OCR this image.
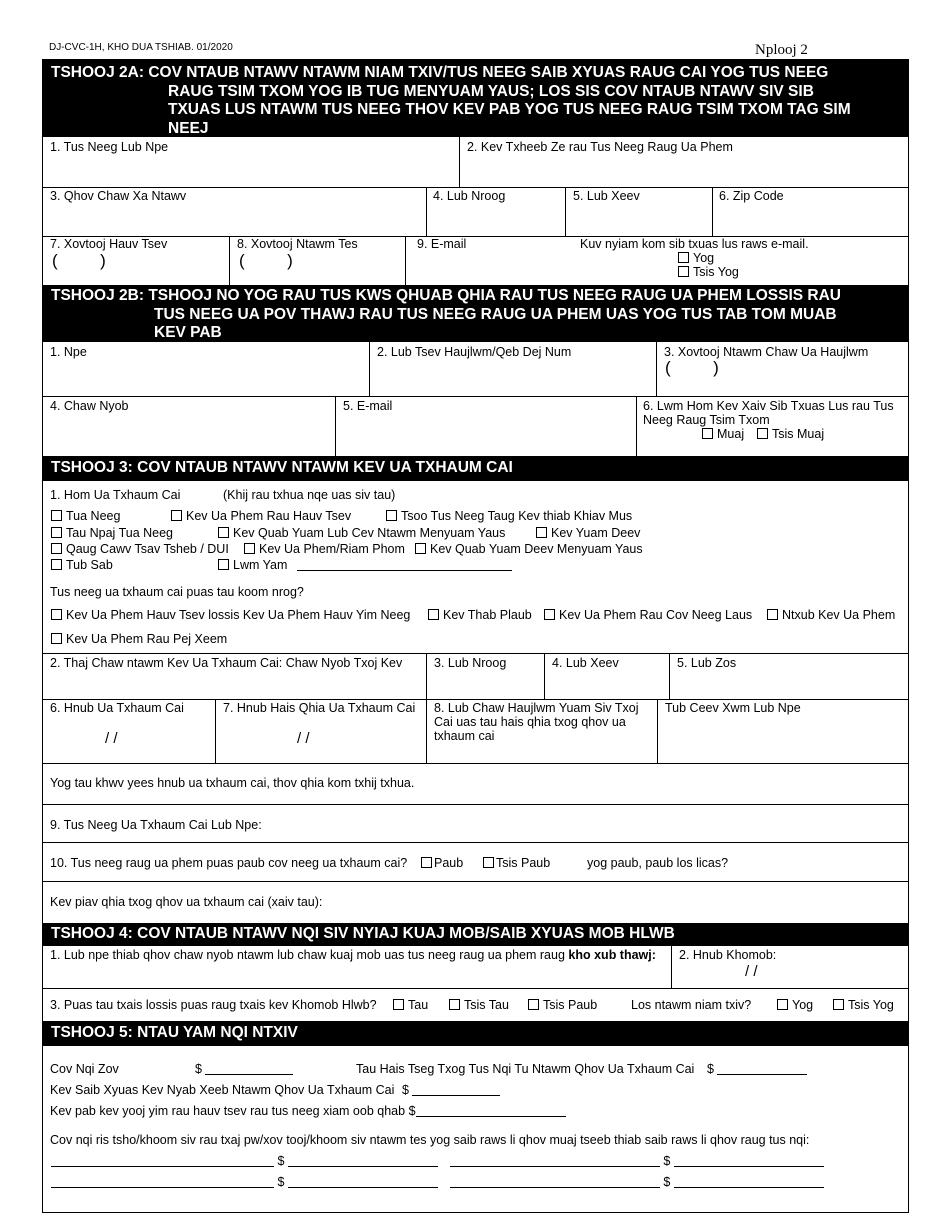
DJ-CVC-1H, KHO DUA TSHIAB. 01/2020	Nplooj 2
TSHOOJ 2A: COV NTAUB NTAWV NTAWM NIAM TXIV/TUS NEEG SAIB XYUAS RAUG CAI YOG TUS NEEG
RAUG TSIM TXOM YOG IB TUG MENYUAM YAUS; LOS SIS COV NTAUB NTAWV SIV SIB
TXUAS LUS NTAWM TUS NEEG THOV KEV PAB YOG TUS NEEG RAUG TSIM TXOM TAG SIM
NEEJ
1. Tus Neeg Lub Npe	2. Kev Txheeb Ze rau Tus Neeg Raug Ua Phem
3. Qhov Chaw Xa Ntawv	4. Lub Nroog	5. Lub Xeev	6. Zip Code
7. Xovtooj Hauv Tsev
(         )
8. Xovtooj Ntawm Tes
(         )
9. E-mail	Kuv nyiam kom sib txuas lus raws e-mail.
Yog
Tsis Yog
TSHOOJ 2B: TSHOOJ NO YOG RAU TUS KWS QHUAB QHIA RAU TUS NEEG RAUG UA PHEM LOSSIS RAU
TUS NEEG UA POV THAWJ RAU TUS NEEG RAUG UA PHEM UAS YOG TUS TAB TOM MUAB
KEV PAB
1. Npe	2. Lub Tsev Haujlwm/Qeb Dej Num	3. Xovtooj Ntawm Chaw Ua Haujlwm
(         )
4. Chaw Nyob	5. E-mail	6. Lwm Hom Kev Xaiv Sib Txuas Lus rau Tus Neeg Raug Tsim Txom
Muaj	Tsis Muaj
TSHOOJ 3: COV NTAUB NTAWV NTAWM KEV UA TXHAUM CAI
1. Hom Ua Txhaum Cai	(Khij rau txhua nqe uas siv tau)
Tua Neeg	Kev Ua Phem Rau Hauv Tsev	Tsoo Tus Neeg Taug Kev thiab Khiav Mus
Tau Npaj Tua Neeg	Kev Quab Yuam Lub Cev Ntawm Menyuam Yaus	Kev Yuam Deev
Qaug Cawv Tsav Tsheb / DUI	Kev Ua Phem/Riam Phom	Kev Quab Yuam Deev Menyuam Yaus
Tub Sab	Lwm Yam
Tus neeg ua txhaum cai puas tau koom nrog?
Kev Ua Phem Hauv Tsev lossis Kev Ua Phem Hauv Yim Neeg	Kev Thab Plaub	Kev Ua Phem Rau Cov Neeg Laus	Ntxub Kev Ua Phem
Kev Ua Phem Rau Pej Xeem
2. Thaj Chaw ntawm Kev Ua Txhaum Cai: Chaw Nyob Txoj Kev	3. Lub Nroog	4. Lub Xeev	5. Lub Zos
6. Hnub Ua Txhaum Cai
/ /
7. Hnub Hais Qhia Ua Txhaum Cai
/ /
8. Lub Chaw Haujlwm Yuam Siv Txoj Cai uas tau hais qhia txog qhov ua txhaum cai
Tub Ceev Xwm Lub Npe
Yog tau khwv yees hnub ua txhaum cai, thov qhia kom txhij txhua.
9. Tus Neeg Ua Txhaum Cai Lub Npe:
10. Tus neeg raug ua phem puas paub cov neeg ua txhaum cai?	Paub	Tsis Paub	yog paub, paub los licas?
Kev piav qhia txog qhov ua txhaum cai (xaiv tau):
TSHOOJ 4: COV NTAUB NTAWV NQI SIV NYIAJ KUAJ MOB/SAIB XYUAS MOB HLWB
1. Lub npe thiab qhov chaw nyob ntawm lub chaw kuaj mob uas tus neeg raug ua phem raug kho xub thawj: 2. Hnub Khomob:
/ /
3. Puas tau txais lossis puas raug txais kev Khomob Hlwb?	Tau	Tsis Tau	Tsis Paub	Los ntawm niam txiv?	Yog	Tsis Yog
TSHOOJ 5: NTAU YAM NQI NTXIV
Cov Nqi Zov	$	Tau Hais Tseg Txog Tus Nqi Tu Ntawm Qhov Ua Txhaum Cai $
Kev Saib Xyuas Kev Nyab Xeeb Ntawm Qhov Ua Txhaum Cai $
Kev pab kev yooj yim rau hauv tsev rau tus neeg xiam oob qhab $
Cov nqi ris tsho/khoom siv rau txaj pw/xov tooj/khoom siv ntawm tes yog saib raws li qhov muaj tseeb thiab saib raws li qhov raug tus nqi:
$	$
$	$
